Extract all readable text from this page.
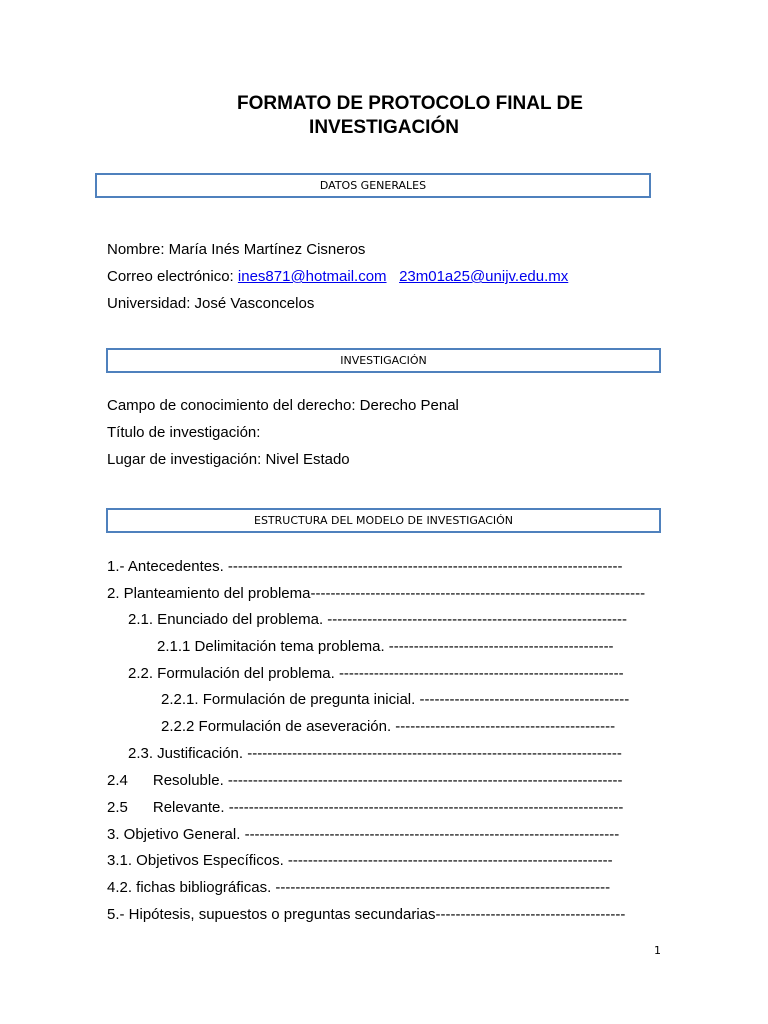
FORMATO DE PROTOCOLO FINAL DE
INVESTIGACIÓN
DATOS GENERALES
Nombre: María Inés Martínez Cisneros
Correo electrónico: ines871@hotmail.com 23m01a25@unijv.edu.mx
Universidad: José Vasconcelos
INVESTIGACIÓN
Campo de conocimiento del derecho: Derecho Penal
Título de investigación:
Lugar de investigación: Nivel Estado
ESTRUCTURA DEL MODELO DE INVESTIGACIÓN
1.- Antecedentes. -------------------------------------------------------------------------------
2. Planteamiento del problema-------------------------------------------------------------------
2.1. Enunciado del problema. ------------------------------------------------------------
2.1.1 Delimitación tema problema. ---------------------------------------------
2.2. Formulación del problema. ---------------------------------------------------------
2.2.1. Formulación de pregunta inicial. ------------------------------------------
2.2.2 Formulación de aseveración. --------------------------------------------
2.3. Justificación. ---------------------------------------------------------------------------
2.4      Resoluble. -------------------------------------------------------------------------------
2.5      Relevante. -------------------------------------------------------------------------------
3. Objetivo General. ---------------------------------------------------------------------------
3.1. Objetivos Específicos. -----------------------------------------------------------------
4.2. fichas bibliográficas. -------------------------------------------------------------------
5.- Hipótesis, supuestos o preguntas secundarias--------------------------------------
1
